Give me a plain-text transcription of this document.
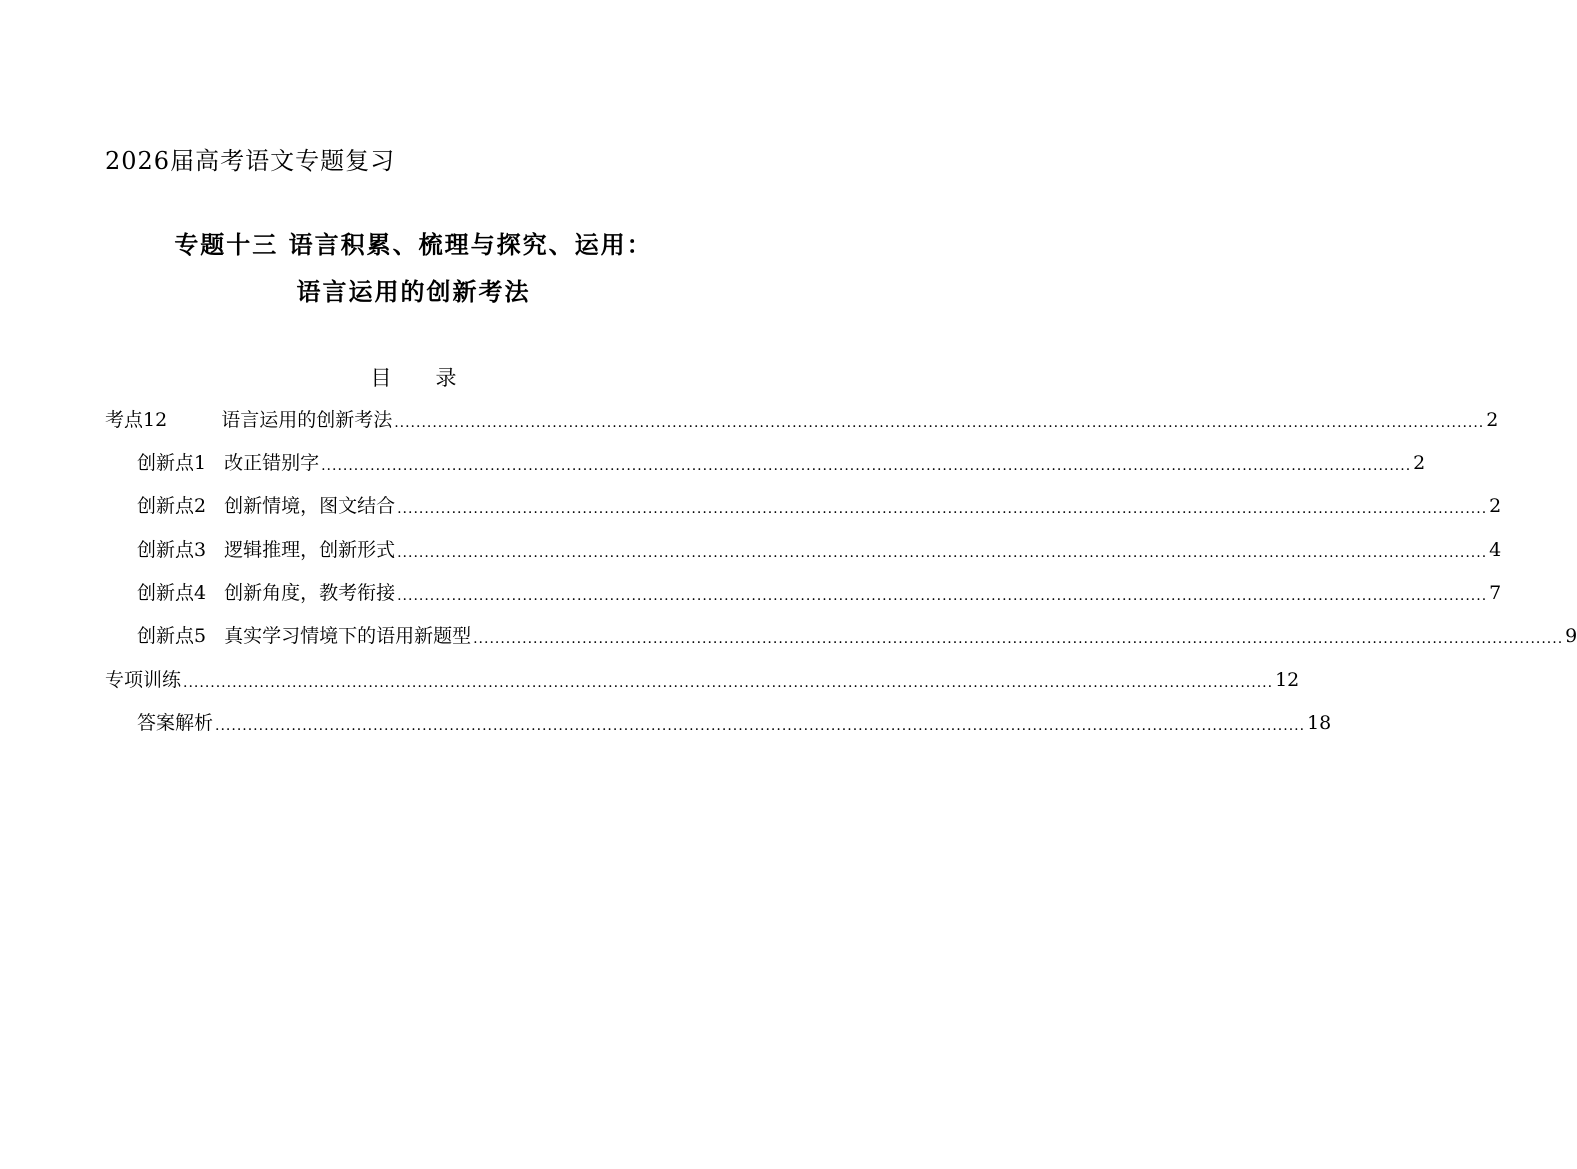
2026届高考语文专题复习
专题十三 语言积累、梳理与探究、运用：
语言运用的创新考法
目 录
考点12	语言运用的创新考法 ........................................................................................................................................................................................................ 2
创新点1 改正错别字 ........................................................................................................................................................................................................ 2
创新点2 创新情境，图文结合 ........................................................................................................................................................................................................ 2
创新点3 逻辑推理，创新形式 ........................................................................................................................................................................................................ 4
创新点4 创新角度，教考衔接 ........................................................................................................................................................................................................ 7
创新点5 真实学习情境下的语用新题型 ........................................................................................................................................................................................................ 9
专项训练 ........................................................................................................................................................................................................ 12
答案解析 ........................................................................................................................................................................................................ 18
